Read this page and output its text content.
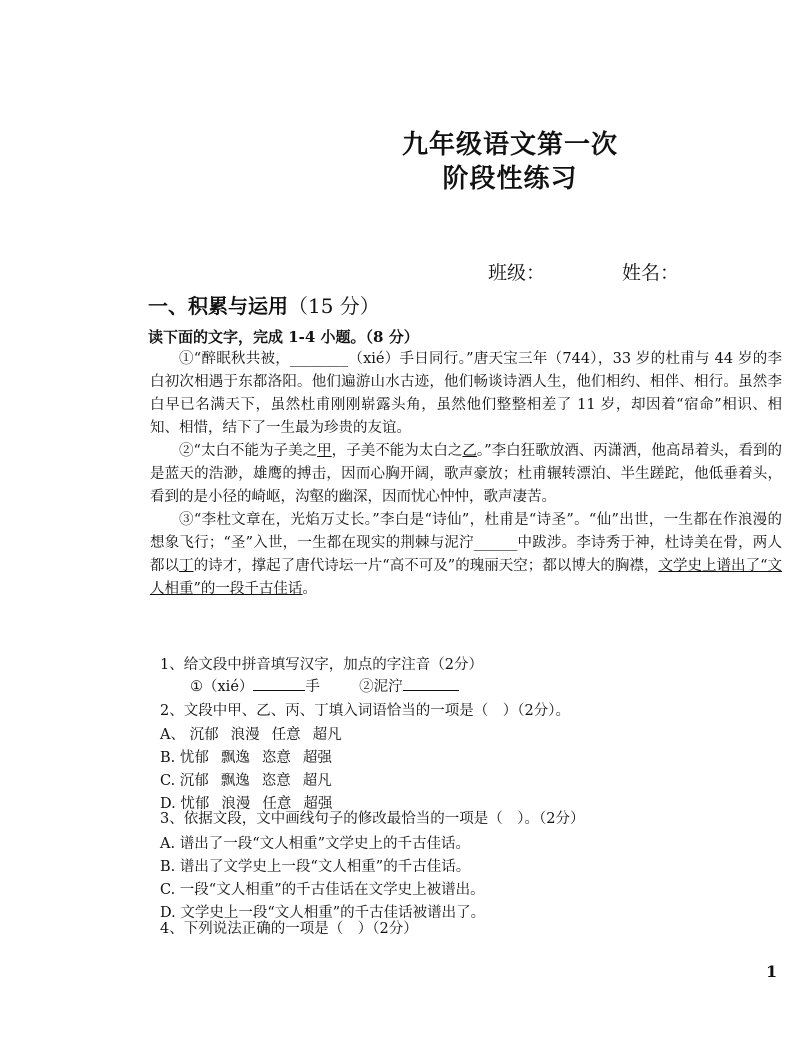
九年级语文第一次
阶段性练习
班级：	姓名：
一、积累与运用（15 分）
读下面的文字，完成 1-4 小题。（8 分）

①“醉眠秋共被，________（xié）手日同行。”唐天宝三年（744），33 岁的杜甫与 44 岁的李白初次相遇于东都洛阳。他们遍游山水古迹，他们畅谈诗酒人生，他们相约、相伴、相行。虽然李白早已名满天下，虽然杜甫刚刚崭露头角，虽然他们整整相差了 11 岁，却因着“宿命”相识、相知、相惜，结下了一生最为珍贵的友谊。

②“太白不能为子美之甲，子美不能为太白之乙。”李白狂歌放酒、丙潇洒，他高昂着头，看到的是蓝天的浩渺，雄鹰的搏击，因而心胸开阔，歌声豪放；杜甫辗转漂泊、半生蹉跎，他低垂着头，看到的是小径的崎岖，沟壑的幽深，因而忧心忡忡，歌声凄苦。

③“李杜文章在，光焰万丈长。”李白是“诗仙”，杜甫是“诗圣”。“仙”出世，一生都在作浪漫的想象飞行；“圣”入世，一生都在现实的荆棘与泥泞______中跋涉。李诗秀于神，杜诗美在骨，两人都以丁的诗才，撑起了唐代诗坛一片“高不可及”的瑰丽天空；都以博大的胸襟，文学史上谱出了“文人相重”的一段千古佳话。

1、给文段中拼音填写汉字，加点的字注音（2分）
①（xié）	手	②泥泞
2、文段中甲、乙、丙、丁填入词语恰当的一项是（　）（2分）。
A、 沉郁 浪漫 任意 超凡
B. 忧郁 飘逸 恣意 超强
C. 沉郁 飘逸 恣意 超凡
D. 忧郁 浪漫 任意 超强
3、依据文段，文中画线句子的修改最恰当的一项是（　）。（2分）
A. 谱出了一段“文人相重”文学史上的千古佳话。
B. 谱出了文学史上一段“文人相重”的千古佳话。
C. 一段“文人相重”的千古佳话在文学史上被谱出。
D. 文学史上一段“文人相重”的千古佳话被谱出了。
4、下列说法正确的一项是（　）（2分）
1
